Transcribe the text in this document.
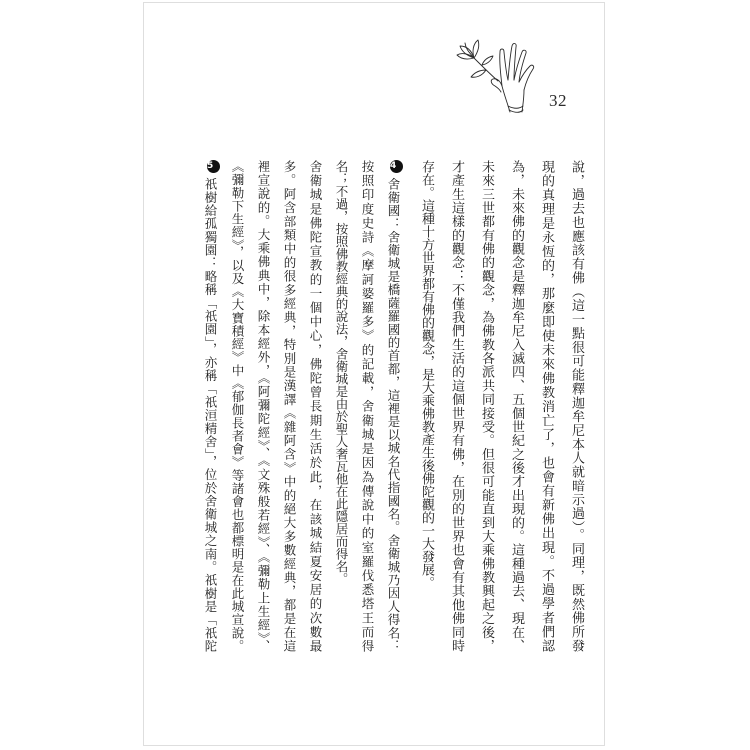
32
說，過去也應該有佛（這一點很可能釋迦牟尼本人就暗示過）。同理，既然佛所發
現的真理是永恆的，那麼即使未來佛教消亡了，也會有新佛出現。不過學者們認
為，未來佛的觀念是釋迦牟尼入滅四、五個世紀之後才出現的。這種過去、現在、
未來三世都有佛的觀念，為佛教各派共同接受。但很可能直到大乘佛教興起之後，
才產生這樣的觀念：不僅我們生活的這個世界有佛，在別的世界也會有其他佛同時
存在。這種十方世界都有佛的觀念，是大乘佛教產生後佛陀觀的一大發展。
4舍衛國：舍衛城是橋薩羅國的首都，這裡是以城名代指國名。舍衛城乃因人得名：
按照印度史詩《摩訶婆羅多》的記載，舍衛城是因為傳說中的室羅伐悉塔王而得
名；不過，按照佛教經典的說法，舍衛城是由於聖人奢瓦他在此隱居而得名。
舍衛城是佛陀宣教的一個中心，佛陀曾長期生活於此，在該城結夏安居的次數最
多。阿含部類中的很多經典，特別是漢譯《雜阿含》中的絕大多數經典，都是在這
裡宣說的。大乘佛典中，除本經外，《阿彌陀經》、《文殊般若經》、《彌勒上生經》、
《彌勒下生經》，以及《大寶積經》中《郁伽長者會》等諸會也都標明是在此城宣說。
5祇樹給孤獨園：略稱「祇園」，亦稱「祇洹精舍」，位於舍衛城之南。祇樹是「祇陀
